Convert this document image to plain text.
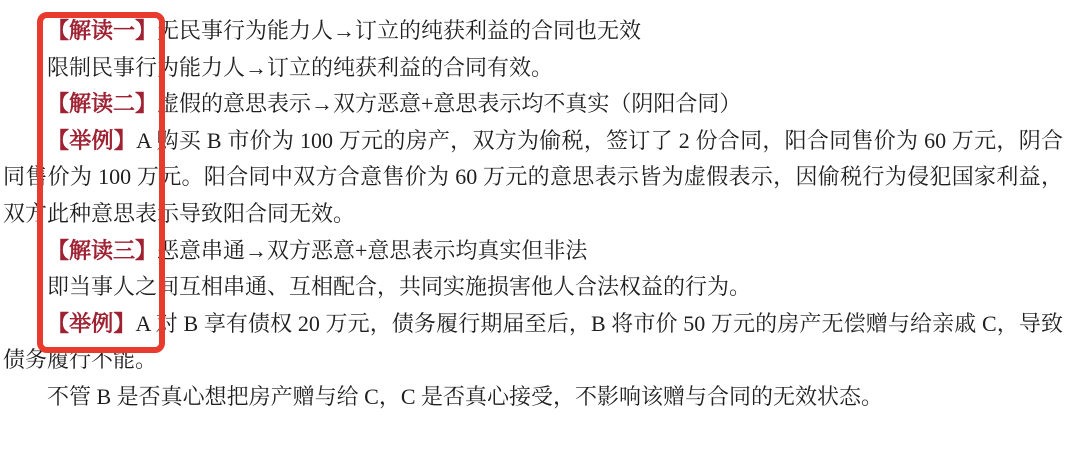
【解读一】无民事行为能力人→订立的纯获利益的合同也无效

限制民事行为能力人→订立的纯获利益的合同有效。

【解读二】虚假的意思表示→双方恶意+意思表示均不真实（阴阳合同）

【举例】A 购买 B 市价为 100 万元的房产，双方为偷税，签订了 2 份合同，阳合同售价为 60 万元，阴合同售价为 100 万元。阳合同中双方合意售价为 60 万元的意思表示皆为虚假表示，因偷税行为侵犯国家利益，双方此种意思表示导致阳合同无效。

【解读三】恶意串通→双方恶意+意思表示均真实但非法

即当事人之间互相串通、互相配合，共同实施损害他人合法权益的行为。

【举例】A 对 B 享有债权 20 万元，债务履行期届至后，B 将市价 50 万元的房产无偿赠与给亲戚 C，导致债务履行不能。

不管 B 是否真心想把房产赠与给 C，C 是否真心接受，不影响该赠与合同的无效状态。
